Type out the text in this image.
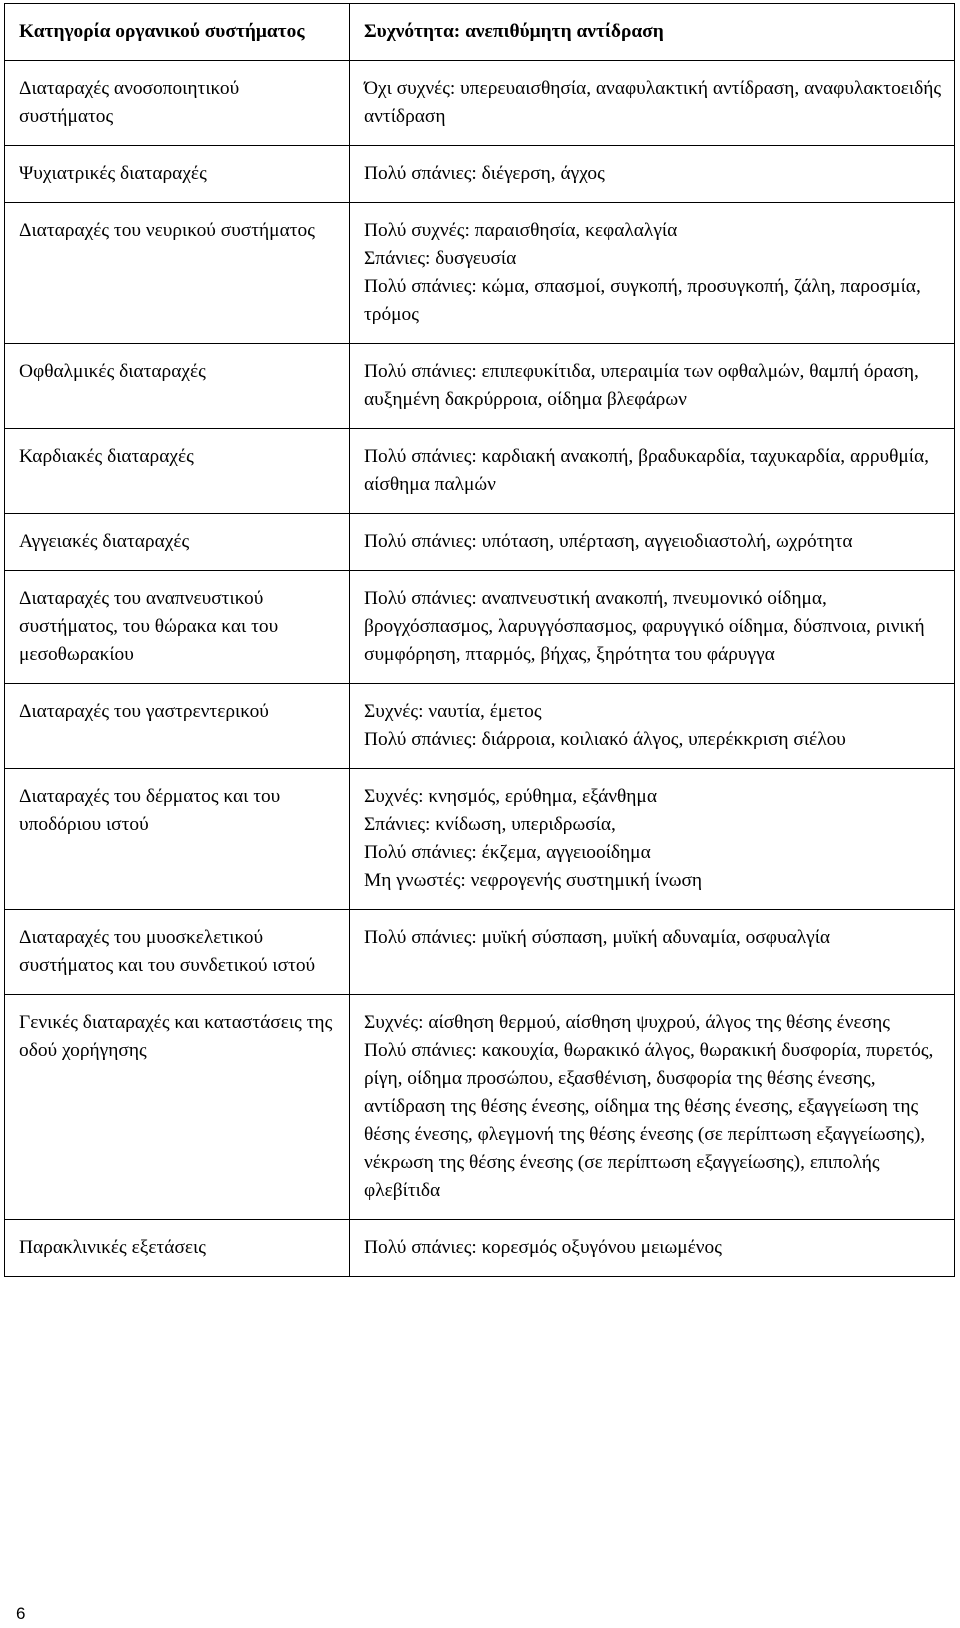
Κατηγορία οργανικού συστήματος	Συχνότητα: ανεπιθύμητη αντίδραση
Διαταραχές ανοσοποιητικού συστήματος	Όχι συχνές: υπερευαισθησία, αναφυλακτική αντίδραση, αναφυλακτοειδής αντίδραση

Ψυχιατρικές διαταραχές	Πολύ σπάνιες: διέγερση, άγχος

Διαταραχές του νευρικού συστήματος	Πολύ συχνές: παραισθησία, κεφαλαλγία
Σπάνιες: δυσγευσία
Πολύ σπάνιες: κώμα, σπασμοί, συγκοπή, προσυγκοπή, ζάλη, παροσμία, τρόμος

Οφθαλμικές διαταραχές	Πολύ σπάνιες: επιπεφυκίτιδα, υπεραιμία των οφθαλμών, θαμπή όραση, αυξημένη δακρύρροια, οίδημα βλεφάρων

Καρδιακές διαταραχές	Πολύ σπάνιες: καρδιακή ανακοπή, βραδυκαρδία, ταχυκαρδία, αρρυθμία, αίσθημα παλμών

Αγγειακές διαταραχές	Πολύ σπάνιες: υπόταση, υπέρταση, αγγειοδιαστολή, ωχρότητα

Διαταραχές του αναπνευστικού συστήματος, του θώρακα και του μεσοθωρακίου	Πολύ σπάνιες: αναπνευστική ανακοπή, πνευμονικό οίδημα, βρογχόσπασμος, λαρυγγόσπασμος, φαρυγγικό οίδημα, δύσπνοια, ρινική συμφόρηση, πταρμός, βήχας, ξηρότητα του φάρυγγα

Διαταραχές του γαστρεντερικού	Συχνές: ναυτία, έμετος
Πολύ σπάνιες: διάρροια, κοιλιακό άλγος, υπερέκκριση σιέλου

Διαταραχές του δέρματος και του υποδόριου ιστού	Συχνές: κνησμός, ερύθημα, εξάνθημα
Σπάνιες: κνίδωση, υπεριδρωσία,
Πολύ σπάνιες: έκζεμα, αγγειοοίδημα
Μη γνωστές: νεφρογενής συστημική ίνωση

Διαταραχές του μυοσκελετικού συστήματος και του συνδετικού ιστού	Πολύ σπάνιες: μυϊκή σύσπαση, μυϊκή αδυναμία, οσφυαλγία

Γενικές διαταραχές και καταστάσεις της οδού χορήγησης	Συχνές: αίσθηση θερμού, αίσθηση ψυχρού, άλγος της θέσης ένεσης
Πολύ σπάνιες: κακουχία, θωρακικό άλγος, θωρακική δυσφορία, πυρετός, ρίγη, οίδημα προσώπου, εξασθένιση, δυσφορία της θέσης ένεσης, αντίδραση της θέσης ένεσης, οίδημα της θέσης ένεσης, εξαγγείωση της θέσης ένεσης, φλεγμονή της θέσης ένεσης (σε περίπτωση εξαγγείωσης), νέκρωση της θέσης ένεσης (σε περίπτωση εξαγγείωσης), επιπολής φλεβίτιδα

Παρακλινικές εξετάσεις	Πολύ σπάνιες: κορεσμός οξυγόνου μειωμένος
6
